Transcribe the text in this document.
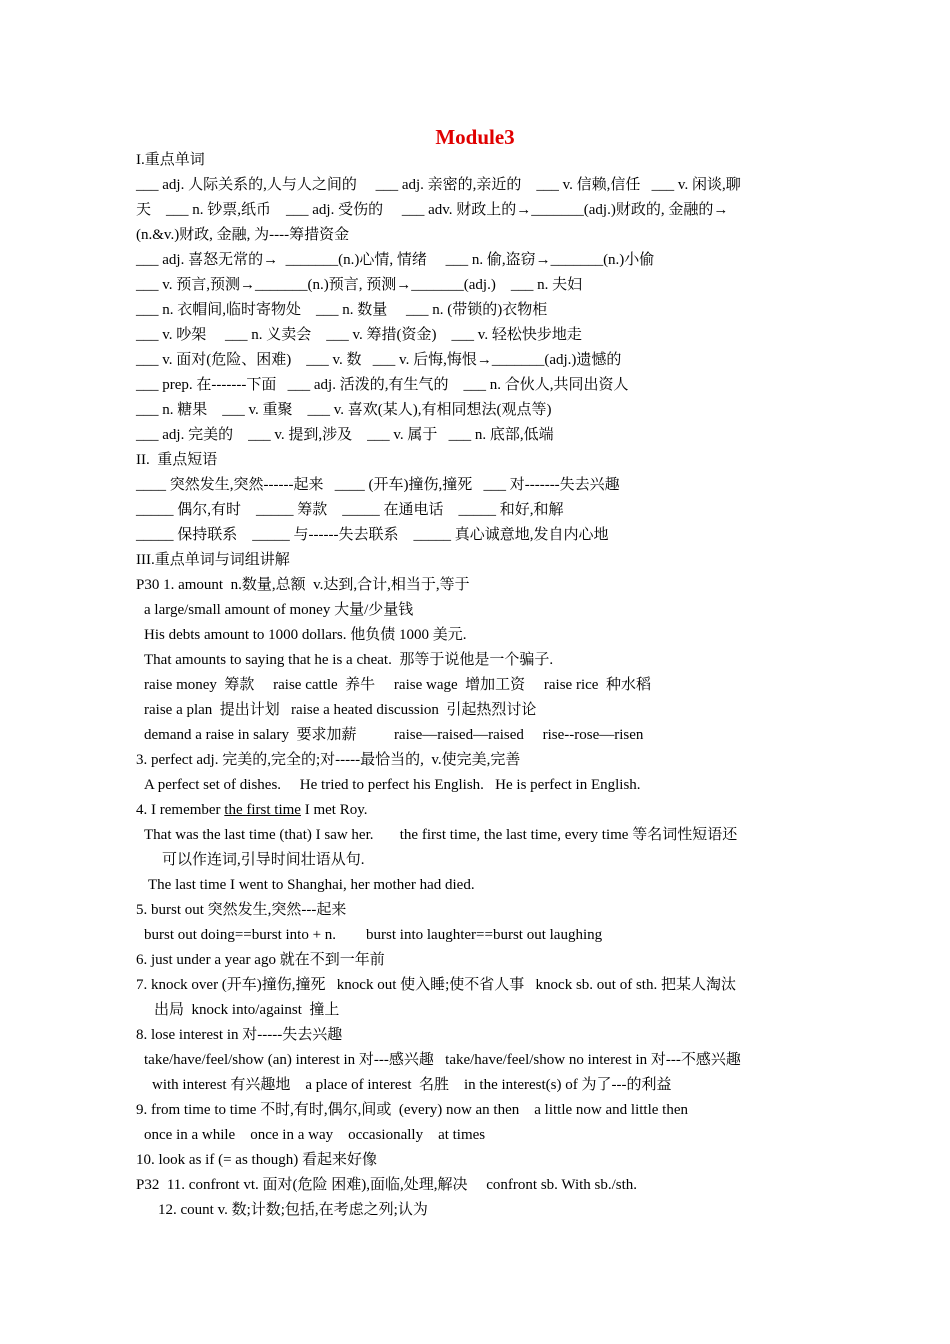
Module3
I.重点单词
___ adj. 人际关系的,人与人之间的     ___ adj. 亲密的,亲近的    ___ v. 信赖,信任   ___ v. 闲谈,聊
天    ___ n. 钞票,纸币    ___ adj. 受伤的     ___ adv. 财政上的→_______(adj.)财政的, 金融的→
(n.&v.)财政, 金融, 为----筹措资金
___ adj. 喜怒无常的→  _______(n.)心情, 情绪     ___ n. 偷,盗窃→_______(n.)小偷
___ v. 预言,预测→_______(n.)预言, 预测→_______(adj.)    ___ n. 夫妇
___ n. 衣帽间,临时寄物处    ___ n. 数量     ___ n. (带锁的)衣物柜
___ v. 吵架     ___ n. 义卖会    ___ v. 筹措(资金)    ___ v. 轻松快步地走
___ v. 面对(危险、困难)    ___ v. 数   ___ v. 后悔,悔恨→_______(adj.)遗憾的
___ prep. 在-------下面   ___ adj. 活泼的,有生气的    ___ n. 合伙人,共同出资人
___ n. 糖果    ___ v. 重聚    ___ v. 喜欢(某人),有相同想法(观点等)
___ adj. 完美的    ___ v. 提到,涉及    ___ v. 属于   ___ n. 底部,低端
II.  重点短语
____ 突然发生,突然------起来   ____ (开车)撞伤,撞死   ___ 对-------失去兴趣
_____ 偶尔,有时    _____ 筹款    _____ 在通电话    _____ 和好,和解
_____ 保持联系    _____ 与------失去联系    _____ 真心诚意地,发自内心地
III.重点单词与词组讲解
P30 1. amount  n.数量,总额  v.达到,合计,相当于,等于
a large/small amount of money 大量/少量钱
His debts amount to 1000 dollars. 他负债 1000 美元.
That amounts to saying that he is a cheat.  那等于说他是一个骗子.
raise money  筹款     raise cattle  养牛     raise wage  增加工资     raise rice  种水稻
raise a plan  提出计划   raise a heated discussion  引起热烈讨论
demand a raise in salary  要求加薪          raise—raised—raised     rise--rose—risen
3. perfect adj. 完美的,完全的;对-----最恰当的,  v.使完美,完善
A perfect set of dishes.     He tried to perfect his English.   He is perfect in English.
4. I remember the first time I met Roy.
That was the last time (that) I saw her.       the first time, the last time, every time 等名词性短语还
可以作连词,引导时间壮语从句.
The last time I went to Shanghai, her mother had died.
5. burst out 突然发生,突然---起来
burst out doing==burst into + n.        burst into laughter==burst out laughing
6. just under a year ago 就在不到一年前
7. knock over (开车)撞伤,撞死   knock out 使入睡;使不省人事   knock sb. out of sth. 把某人淘汰
出局  knock into/against  撞上
8. lose interest in 对-----失去兴趣
take/have/feel/show (an) interest in 对---感兴趣   take/have/feel/show no interest in 对---不感兴趣
with interest 有兴趣地    a place of interest  名胜    in the interest(s) of 为了---的利益
9. from time to time 不时,有时,偶尔,间或  (every) now an then    a little now and little then
once in a while    once in a way    occasionally    at times
10. look as if (= as though) 看起来好像
P32  11. confront vt. 面对(危险 困难),面临,处理,解决     confront sb. With sb./sth.
12. count v. 数;计数;包括,在考虑之列;认为
